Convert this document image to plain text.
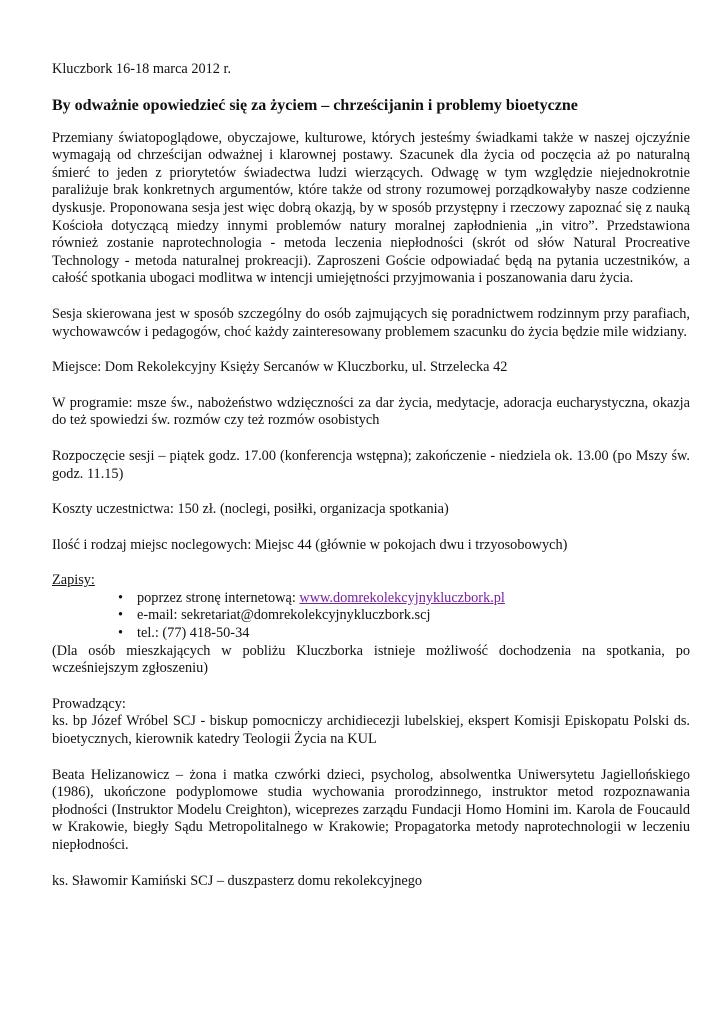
Kluczbork 16-18 marca 2012 r.

By odważnie opowiedzieć się za życiem – chrześcijanin i problemy bioetyczne

Przemiany światopoglądowe, obyczajowe, kulturowe, których jesteśmy świadkami także w naszej ojczyźnie wymagają od chrześcijan odważnej i klarownej postawy. Szacunek dla życia od poczęcia aż po naturalną śmierć to jeden z priorytetów świadectwa ludzi wierzących. Odwagę w tym względzie niejednokrotnie paraliżuje brak konkretnych argumentów, które także od strony rozumowej porządkowałyby nasze codzienne dyskusje. Proponowana sesja jest więc dobrą okazją, by w sposób przystępny i rzeczowy zapoznać się z nauką Kościoła dotyczącą miedzy innymi problemów natury moralnej zapłodnienia „in vitro”. Przedstawiona również zostanie naprotechnologia - metoda leczenia niepłodności (skrót od słów Natural Procreative Technology - metoda naturalnej prokreacji). Zaproszeni Goście odpowiadać będą na pytania uczestników, a całość spotkania ubogaci modlitwa w intencji umiejętności przyjmowania i poszanowania daru życia.

Sesja skierowana jest w sposób szczególny do osób zajmujących się poradnictwem rodzinnym przy parafiach, wychowawców i pedagogów, choć każdy zainteresowany problemem szacunku do życia będzie mile widziany.

Miejsce: Dom Rekolekcyjny Księży Sercanów w Kluczborku, ul. Strzelecka 42

W programie: msze św., nabożeństwo wdzięczności za dar życia, medytacje, adoracja eucharystyczna, okazja do też spowiedzi św. rozmów czy też rozmów osobistych

Rozpoczęcie sesji – piątek godz. 17.00 (konferencja wstępna); zakończenie - niedziela ok. 13.00 (po Mszy św. godz. 11.15)

Koszty uczestnictwa: 150 zł. (noclegi, posiłki, organizacja spotkania)

Ilość i rodzaj miejsc noclegowych: Miejsc 44 (głównie w pokojach dwu i trzyosobowych)

Zapisy:

• poprzez stronę internetową: www.domrekolekcyjnykluczbork.pl
• e-mail: sekretariat@domrekolekcyjnykluczbork.scj
• tel.: (77) 418-50-34

(Dla osób mieszkających w pobliżu Kluczborka istnieje możliwość dochodzenia na spotkania, po wcześniejszym zgłoszeniu)

Prowadzący:

ks. bp Józef Wróbel SCJ - biskup pomocniczy archidiecezji lubelskiej, ekspert Komisji Episkopatu Polski ds. bioetycznych, kierownik katedry Teologii Życia na KUL

Beata Helizanowicz – żona i matka czwórki dzieci, psycholog, absolwentka Uniwersytetu Jagiellońskiego (1986), ukończone podyplomowe studia wychowania prorodzinnego, instruktor metod rozpoznawania płodności (Instruktor Modelu Creighton), wiceprezes zarządu Fundacji Homo Homini im. Karola de Foucauld w Krakowie, biegły Sądu Metropolitalnego w Krakowie; Propagatorka metody naprotechnologii w leczeniu niepłodności.

ks. Sławomir Kamiński SCJ – duszpasterz domu rekolekcyjnego
